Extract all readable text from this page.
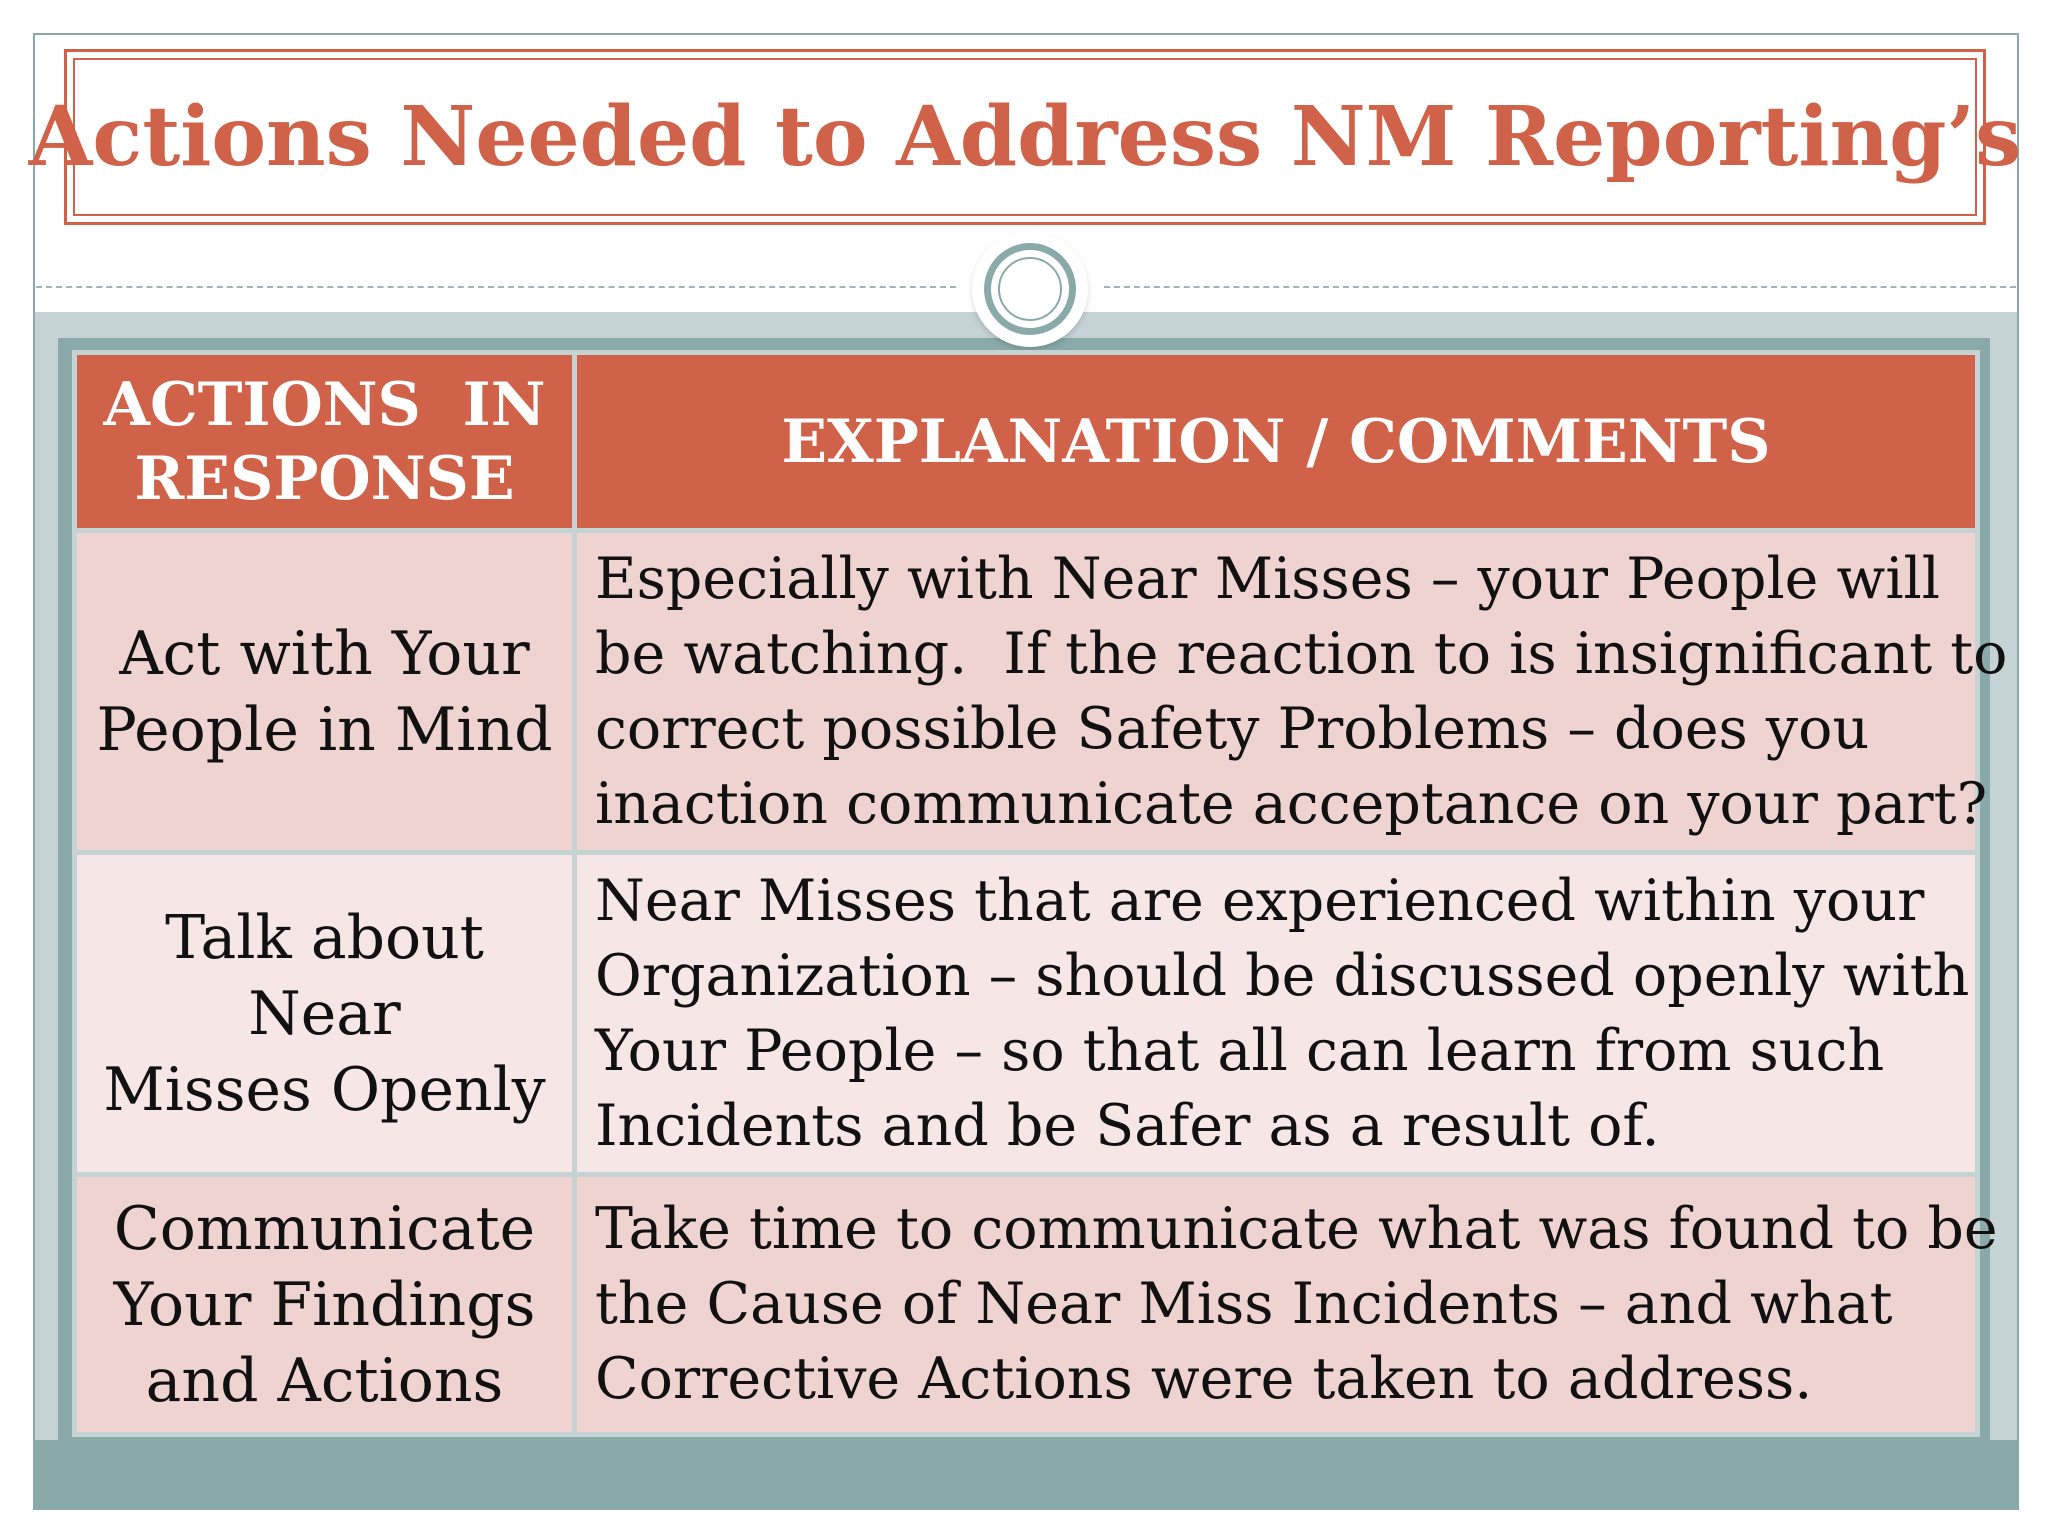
Actions Needed to Address NM Reporting’s
ACTIONS  IN
RESPONSE	EXPLANATION / COMMENTS
Act with Your
People in Mind	Especially with Near Misses – your People will
be watching.  If the reaction to is insignificant to
correct possible Safety Problems – does you
inaction communicate acceptance on your part?
Talk about Near
Misses Openly	Near Misses that are experienced within your
Organization – should be discussed openly with
Your People – so that all can learn from such
Incidents and be Safer as a result of.
Communicate
Your Findings
and Actions	Take time to communicate what was found to be
the Cause of Near Miss Incidents – and what
Corrective Actions were taken to address.
